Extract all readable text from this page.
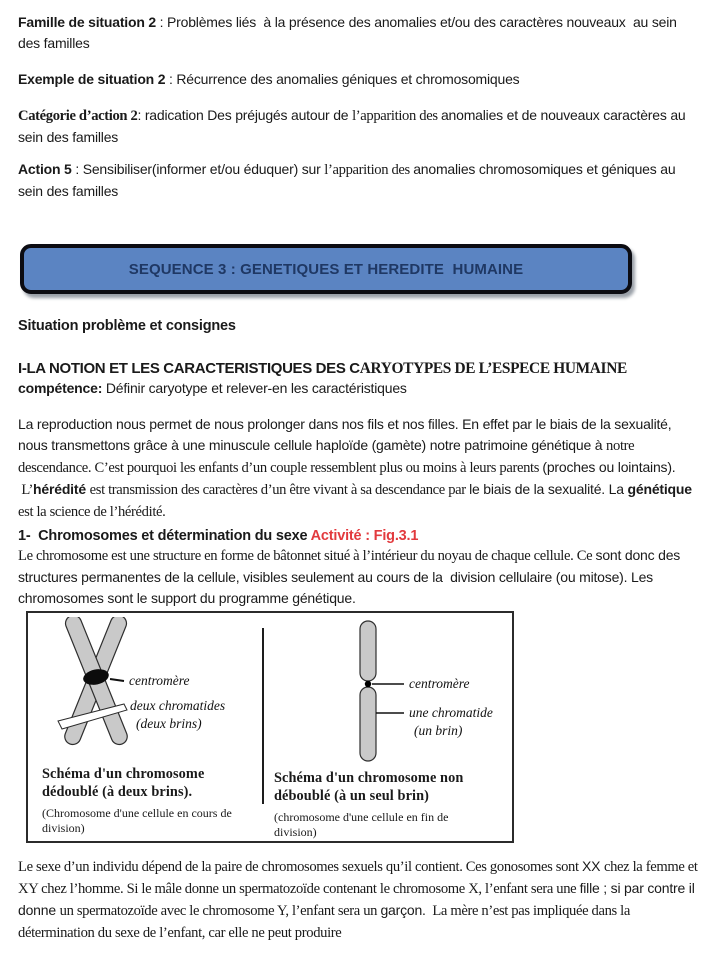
Famille de situation 2 : Problèmes liés  à la présence des anomalies et/ou des caractères nouveaux  au sein des familles

Exemple de situation 2 : Récurrence des anomalies géniques et chromosomiques

Catégorie d’action 2: radication Des préjugés autour de l’apparition des anomalies et de nouveaux caractères au sein des familles

Action 5 : Sensibiliser(informer et/ou éduquer) sur l’apparition des anomalies chromosomiques et géniques au sein des familles

SEQUENCE 3 : GENETIQUES ET HEREDITE  HUMAINE
Situation problème et consignes
I-LA NOTION ET LES CARACTERISTIQUES DES CARYOTYPES DE L’ESPECE HUMAINE

compétence: Définir caryotype et relever-en les caractéristiques

La reproduction nous permet de nous prolonger dans nos fils et nos filles. En effet par le biais de la sexualité, nous transmettons grâce à une minuscule cellule haploïde (gamète) notre patrimoine génétique à notre descendance. C’est pourquoi les enfants d’un couple ressemblent plus ou moins à leurs parents (proches ou lointains).

L’hérédité est transmission des caractères d’un être vivant à sa descendance par le biais de la sexualité. La génétique est la science de l’hérédité.

1-  Chromosomes et détermination du sexe Activité : Fig.3.1

Le chromosome est une structure en forme de bâtonnet situé à l’intérieur du noyau de chaque cellule. Ce sont donc des structures permanentes de la cellule, visibles seulement au cours de la  division cellulaire (ou mitose). Les chromosomes sont le support du programme génétique.

centromère
deux chromatides
(deux brins)
Schéma d'un chromosome dédoublé (à deux brins).
(Chromosome d'une cellule en cours de division)
centromère
une chromatide
(un brin)
Schéma d'un chromosome non déboublé (à un seul brin)
(chromosome d'une cellule en fin de division)

Le sexe d’un individu dépend de la paire de chromosomes sexuels qu’il contient. Ces gonosomes sont XX chez la femme et XY chez l’homme. Si le mâle donne un spermatozoïde contenant le chromosome X, l’enfant sera une fille ; si par contre il donne un spermatozoïde avec le chromosome Y, l’enfant sera un garçon.  La mère n’est pas impliquée dans la détermination du sexe de l’enfant, car elle ne peut produire
